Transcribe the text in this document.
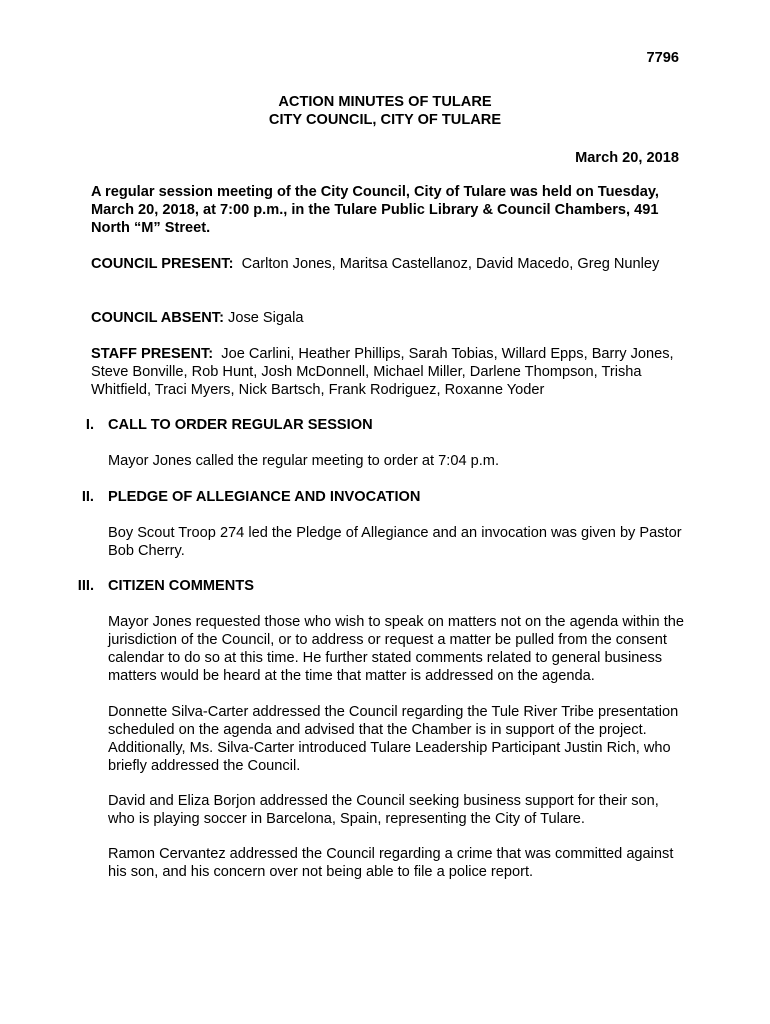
7796
ACTION MINUTES OF TULARE
CITY COUNCIL, CITY OF TULARE
March 20, 2018
A regular session meeting of the City Council, City of Tulare was held on Tuesday, March 20, 2018, at 7:00 p.m., in the Tulare Public Library & Council Chambers, 491 North “M” Street.
COUNCIL PRESENT: Carlton Jones, Maritsa Castellanoz, David Macedo, Greg Nunley
COUNCIL ABSENT: Jose Sigala
STAFF PRESENT: Joe Carlini, Heather Phillips, Sarah Tobias, Willard Epps, Barry Jones, Steve Bonville, Rob Hunt, Josh McDonnell, Michael Miller, Darlene Thompson, Trisha Whitfield, Traci Myers, Nick Bartsch, Frank Rodriguez, Roxanne Yoder
I. CALL TO ORDER REGULAR SESSION
Mayor Jones called the regular meeting to order at 7:04 p.m.
II. PLEDGE OF ALLEGIANCE AND INVOCATION
Boy Scout Troop 274 led the Pledge of Allegiance and an invocation was given by Pastor Bob Cherry.
III. CITIZEN COMMENTS
Mayor Jones requested those who wish to speak on matters not on the agenda within the jurisdiction of the Council, or to address or request a matter be pulled from the consent calendar to do so at this time. He further stated comments related to general business matters would be heard at the time that matter is addressed on the agenda.
Donnette Silva-Carter addressed the Council regarding the Tule River Tribe presentation scheduled on the agenda and advised that the Chamber is in support of the project. Additionally, Ms. Silva-Carter introduced Tulare Leadership Participant Justin Rich, who briefly addressed the Council.
David and Eliza Borjon addressed the Council seeking business support for their son, who is playing soccer in Barcelona, Spain, representing the City of Tulare.
Ramon Cervantez addressed the Council regarding a crime that was committed against his son, and his concern over not being able to file a police report.
